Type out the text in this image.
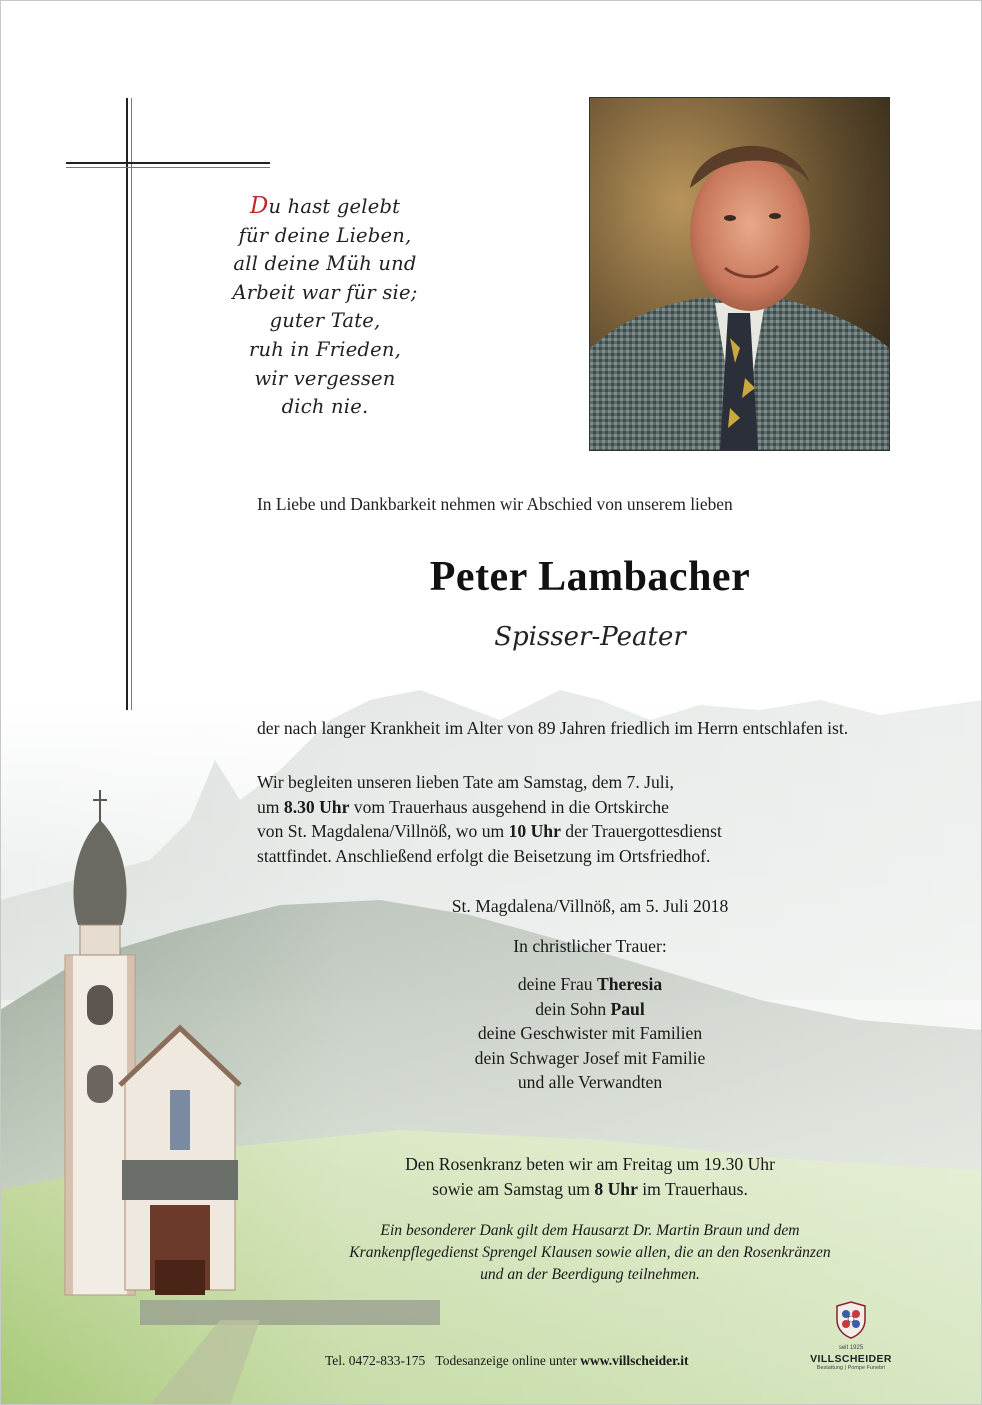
Du hast gelebt
für deine Lieben,
all deine Müh und
Arbeit war für sie;
guter Tate,
ruh in Frieden,
wir vergessen
dich nie.
In Liebe und Dankbarkeit nehmen wir Abschied von unserem lieben
Peter Lambacher
Spisser-Peater
der nach langer Krankheit im Alter von 89 Jahren friedlich im Herrn entschlafen ist.
Wir begleiten unseren lieben Tate am Samstag, dem 7. Juli,
um 8.30 Uhr vom Trauerhaus ausgehend in die Ortskirche
von St. Magdalena/Villnöß, wo um 10 Uhr der Trauergottesdienst
stattfindet. Anschließend erfolgt die Beisetzung im Ortsfriedhof.
St. Magdalena/Villnöß, am 5. Juli 2018
In christlicher Trauer:
deine Frau Theresia
dein Sohn Paul
deine Geschwister mit Familien
dein Schwager Josef mit Familie
und alle Verwandten
Den Rosenkranz beten wir am Freitag um 19.30 Uhr
sowie am Samstag um 8 Uhr im Trauerhaus.
Ein besonderer Dank gilt dem Hausarzt Dr. Martin Braun und dem
Krankenpflegedienst Sprengel Klausen sowie allen, die an den Rosenkränzen
und an der Beerdigung teilnehmen.
Tel. 0472-833-175 Todesanzeige online unter www.villscheider.it
seit 1925
VILLSCHEIDER
Bestattung | Pompe Funebri
